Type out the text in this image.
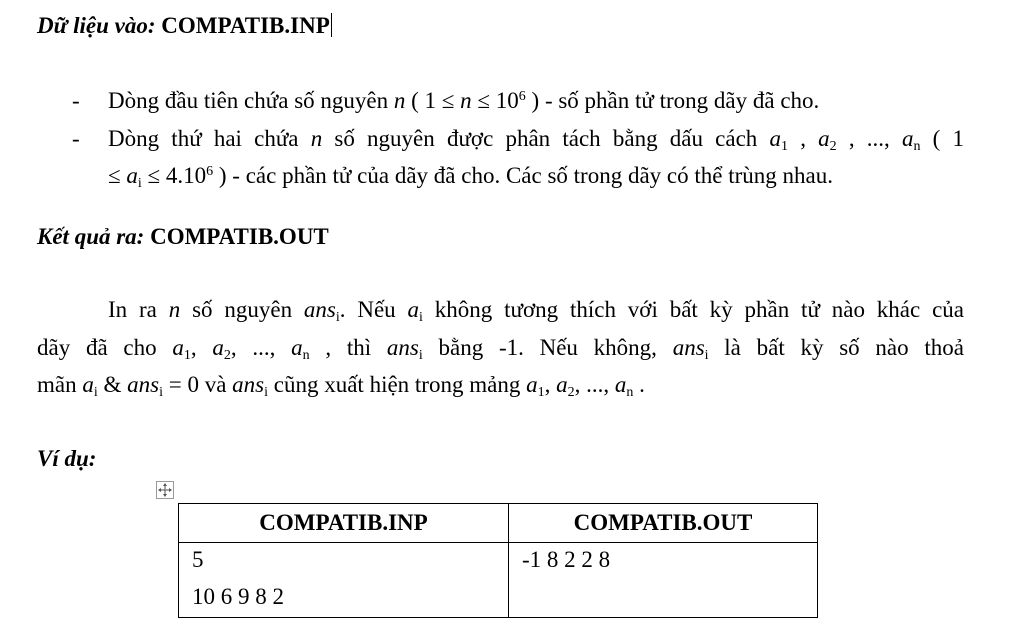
Dữ liệu vào: COMPATIB.INP
- Dòng đầu tiên chứa số nguyên n ( $1 \le n \le 10^6$ ) - số phần tử trong dãy đã cho.
- Dòng thứ hai chứa n số nguyên được phân tách bằng dấu cách $a_1$ , $a_2$ , ..., $a_n$ ( 1
≤ $a_i \le 4.10^6$ ) - các phần tử của dãy đã cho. Các số trong dãy có thể trùng nhau.
Kết quả ra: COMPATIB.OUT
In ra n số nguyên ans$_i$. Nếu $a_i$ không tương thích với bất kỳ phần tử nào khác của
dãy đã cho $a_1$, $a_2$, ..., $a_n$ , thì ans$_i$ bằng -1. Nếu không, ans$_i$ là bất kỳ số nào thoả
mãn $a_i$ & ans$_i$ = 0 và ans$_i$ cũng xuất hiện trong mảng $a_1$, $a_2$, ..., $a_n$ .
Ví dụ:
COMPATIB.INP	COMPATIB.OUT

5
10 6 9 8 2	-1 8 2 2 8
